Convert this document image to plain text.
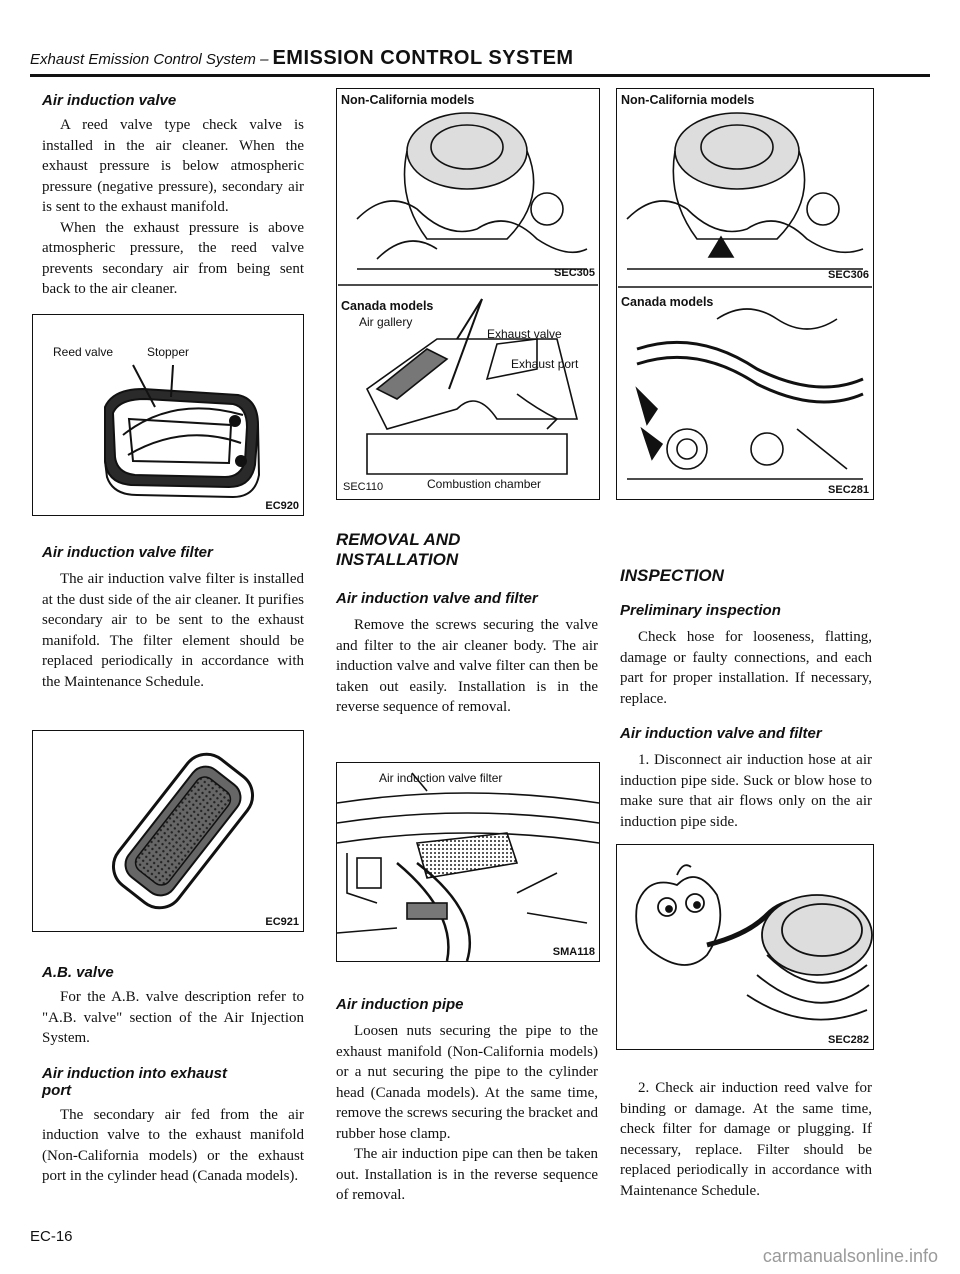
Exhaust Emission Control System – EMISSION CONTROL SYSTEM
Air induction valve

A reed valve type check valve is installed in the air cleaner. When the exhaust pressure is below atmospheric pressure (negative pressure), secondary air is sent to the exhaust manifold.

When the exhaust pressure is above atmospheric pressure, the reed valve prevents secondary air from being sent back to the air cleaner.

Reed valve	Stopper
EC920
Air induction valve filter

The air induction valve filter is installed at the dust side of the air cleaner. It purifies secondary air to be sent to the exhaust manifold. The filter element should be replaced periodically in accordance with the Maintenance Schedule.

EC921
A.B. valve

For the A.B. valve description refer to "A.B. valve" section of the Air Injection System.

Air induction into exhaust
port

The secondary air fed from the air induction valve to the exhaust manifold (Non-California models) or the exhaust port in the cylinder head (Canada models).

Non-California models
SEC305
Canada models
Air gallery
Exhaust valve
Exhaust port
Combustion chamber
SEC110
REMOVAL AND
INSTALLATION
Air induction valve and filter

Remove the screws securing the valve and filter to the air cleaner body. The air induction valve and valve filter can then be taken out easily. Installation is in the reverse sequence of removal.

Air induction valve filter
SMA118
Air induction pipe

Loosen nuts securing the pipe to the exhaust manifold (Non-California models) or a nut securing the pipe to the cylinder head (Canada models). At the same time, remove the screws securing the bracket and rubber hose clamp.

The air induction pipe can then be taken out. Installation is in the reverse sequence of removal.

Non-California models
SEC306
Canada models
SEC281
INSPECTION
Preliminary inspection

Check hose for looseness, flatting, damage or faulty connections, and each part for proper installation. If necessary, replace.

Air induction valve and filter

1. Disconnect air induction hose at air induction pipe side. Suck or blow hose to make sure that air flows only on the air induction pipe side.

SEC282

2. Check air induction reed valve for binding or damage. At the same time, check filter for damage or plugging. If necessary, replace. Filter should be replaced periodically in accordance with Maintenance Schedule.

EC-16
carmanualsonline.info
